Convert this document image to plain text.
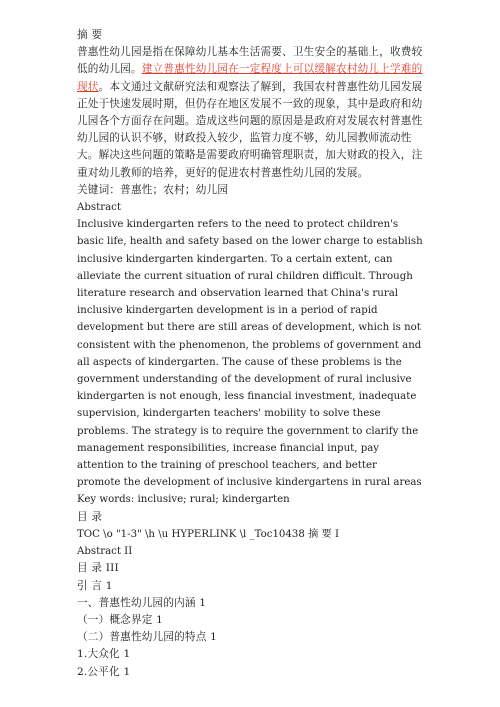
摘 要

普惠性幼儿园是指在保障幼儿基本生活需要、卫生安全的基础上，收费较低的幼儿园。建立普惠性幼儿园在一定程度上可以缓解农村幼儿上学难的现状。本文通过文献研究法和观察法了解到，我国农村普惠性幼儿园发展正处于快速发展时期，但仍存在地区发展不一致的现象，其中是政府和幼儿园各个方面存在问题。造成这些问题的原因是是政府对发展农村普惠性幼儿园的认识不够，财政投入较少，监管力度不够，幼儿园教师流动性大。解决这些问题的策略是需要政府明确管理职责，加大财政的投入，注重对幼儿教师的培养，更好的促进农村普惠性幼儿园的发展。

关键词：普惠性；农村；幼儿园

Abstract

Inclusive kindergarten refers to the need to protect children's basic life, health and safety based on the lower charge to establish inclusive kindergarten kindergarten. To a certain extent, can alleviate the current situation of rural children difficult. Through literature research and observation learned that China's rural inclusive kindergarten development is in a period of rapid development but there are still areas of development, which is not consistent with the phenomenon, the problems of government and all aspects of kindergarten. The cause of these problems is the government understanding of the development of rural inclusive kindergarten is not enough, less financial investment, inadequate supervision, kindergarten teachers' mobility to solve these problems. The strategy is to require the government to clarify the management responsibilities, increase financial input, pay attention to the training of preschool teachers, and better promote the development of inclusive kindergartens in rural areas

Key words: inclusive; rural; kindergarten

目 录

TOC \o "1-3" \h \u HYPERLINK \l _Toc10438 摘 要 I

Abstract II

目 录 III

引 言 1

一、普惠性幼儿园的内涵 1

（一）概念界定 1

（二）普惠性幼儿园的特点 1

1.大众化 1

2.公平化 1
